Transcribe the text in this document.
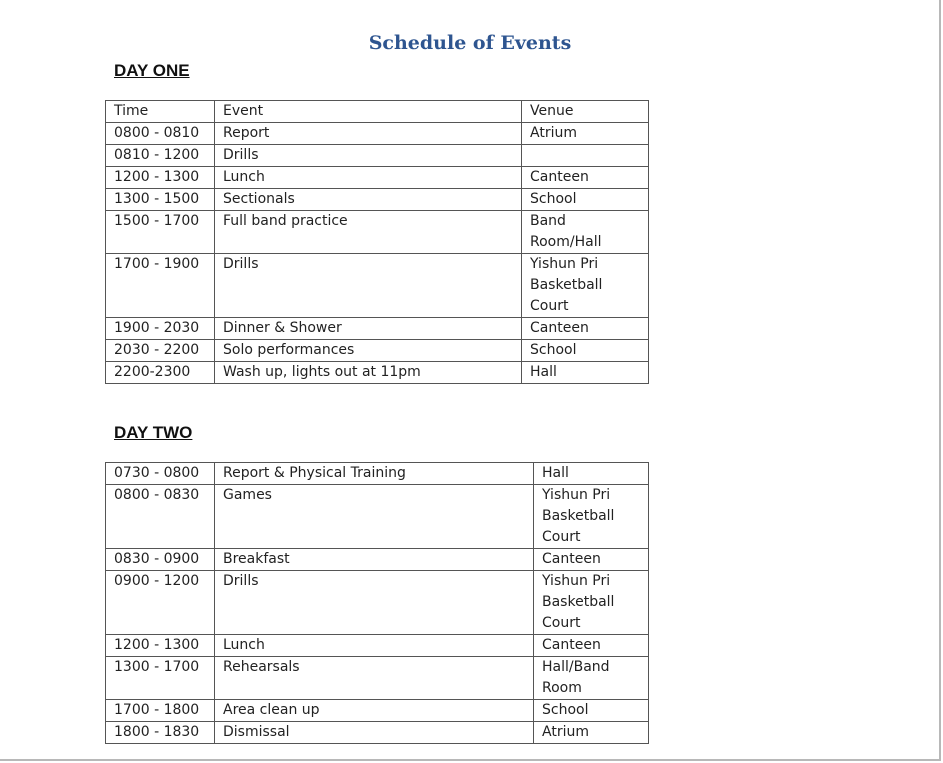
Schedule of Events
DAY ONE
Time	Event	Venue
0800 - 0810	Report	Atrium
0810 - 1200	Drills	
1200 - 1300	Lunch	Canteen
1300 - 1500	Sectionals	School
1500 - 1700	Full band practice	Band
Room/Hall
1700 - 1900	Drills	Yishun Pri
Basketball
Court
1900 - 2030	Dinner & Shower	Canteen
2030 - 2200	Solo performances	School
2200-2300	Wash up, lights out at 11pm	Hall
DAY TWO
0730 - 0800	Report & Physical Training	Hall
0800 - 0830	Games	Yishun Pri
Basketball
Court
0830 - 0900	Breakfast	Canteen
0900 - 1200	Drills	Yishun Pri
Basketball
Court
1200 - 1300	Lunch	Canteen
1300 - 1700	Rehearsals	Hall/Band
Room
1700 - 1800	Area clean up	School
1800 - 1830	Dismissal	Atrium
